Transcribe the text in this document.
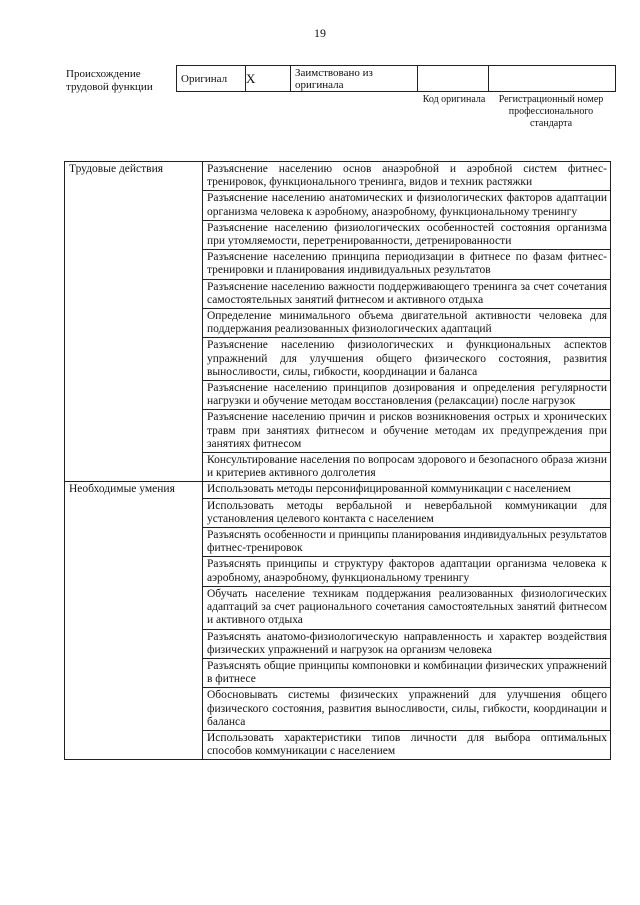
19
Происхождение трудовой функции
Оригинал	X	Заимствовано из оригинала		
Код оригинала	Регистрационный номер профессионального стандарта
Трудовые действия	Разъяснение населению основ анаэробной и аэробной систем фитнес-тренировок, функционального тренинга, видов и техник растяжки
	Разъяснение населению анатомических и физиологических факторов адаптации организма человека к аэробному, анаэробному, функциональному тренингу
	Разъяснение населению физиологических особенностей состояния организма при утомляемости, перетренированности, детренированности
	Разъяснение населению принципа периодизации в фитнесе по фазам фитнес-тренировки и планирования индивидуальных результатов
	Разъяснение населению важности поддерживающего тренинга за счет сочетания самостоятельных занятий фитнесом и активного отдыха
	Определение минимального объема двигательной активности человека для поддержания реализованных физиологических адаптаций
	Разъяснение населению физиологических и функциональных аспектов упражнений для улучшения общего физического состояния, развития выносливости, силы, гибкости, координации и баланса
	Разъяснение населению принципов дозирования и определения регулярности нагрузки и обучение методам восстановления (релаксации) после нагрузок
	Разъяснение населению причин и рисков возникновения острых и хронических травм при занятиях фитнесом и обучение методам их предупреждения при занятиях фитнесом
	Консультирование населения по вопросам здорового и безопасного образа жизни и критериев активного долголетия
Необходимые умения	Использовать методы персонифицированной коммуникации с населением
	Использовать методы вербальной и невербальной коммуникации для установления целевого контакта с населением
	Разъяснять особенности и принципы планирования индивидуальных результатов фитнес-тренировок
	Разъяснять принципы и структуру факторов адаптации организма человека к аэробному, анаэробному, функциональному тренингу
	Обучать население техникам поддержания реализованных физиологических адаптаций за счет рационального сочетания самостоятельных занятий фитнесом и активного отдыха
	Разъяснять анатомо-физиологическую направленность и характер воздействия физических упражнений и нагрузок на организм человека
	Разъяснять общие принципы компоновки и комбинации физических упражнений в фитнесе
	Обосновывать системы физических упражнений для улучшения общего физического состояния, развития выносливости, силы, гибкости, координации и баланса
	Использовать характеристики типов личности для выбора оптимальных способов коммуникации с населением
